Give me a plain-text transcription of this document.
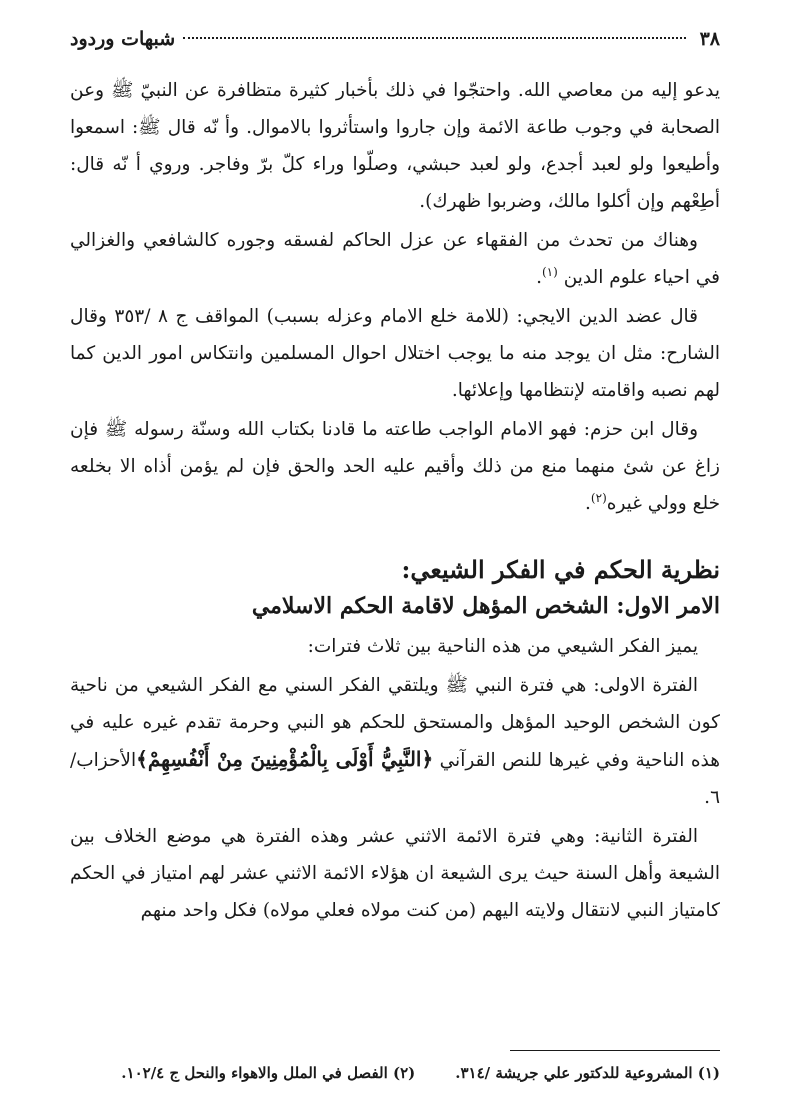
٣٨
شبهات وردود

يدعو إليه من معاصي الله. واحتجّوا في ذلك بأخبار كثيرة متظافرة عن النبيّ ﷺ وعن الصحابة في وجوب طاعة الائمة وإن جاروا واستأثروا بالاموال. وأ نّه قال ﷺ: اسمعوا وأطيعوا ولو لعبد أجدع، ولو لعبد حبشي، وصلّوا وراء كلّ برّ وفاجر. وروي أ نّه قال: أطِعْهم وإن أكلوا مالك، وضربوا ظهرك).

وهناك من تحدث من الفقهاء عن عزل الحاكم لفسقه وجوره كالشافعي والغزالي في احياء علوم الدين $^{(١)}$.

قال عضد الدين الايجي: (للامة خلع الامام وعزله بسبب) المواقف ج ٨ /٣٥٣ وقال الشارح: مثل ان يوجد منه ما يوجب اختلال احوال المسلمين وانتكاس امور الدين كما لهم نصبه واقامته لإنتظامها وإعلائها.

وقال ابن حزم: فهو الامام الواجب طاعته ما قادنا بكتاب الله وسنّة رسوله ﷺ فإن زاغ عن شئ منهما منع من ذلك وأقيم عليه الحد والحق فإن لم يؤمن أذاه الا بخلعه خلع وولي غيره$^{(٢)}$.

نظرية الحكم في الفكر الشيعي:
الامر الاول: الشخص المؤهل لاقامة الحكم الاسلامي

يميز الفكر الشيعي من هذه الناحية بين ثلاث فترات:

الفترة الاولى: هي فترة النبي ﷺ ويلتقي الفكر السني مع الفكر الشيعي من ناحية كون الشخص الوحيد المؤهل والمستحق للحكم هو النبي وحرمة تقدم غيره عليه في هذه الناحية وفي غيرها للنص القرآني ﴿النَّبِيُّ أَوْلَى بِالْمُؤْمِنِينَ مِنْ أَنْفُسِهِمْ﴾الأحزاب/٦.

الفترة الثانية: وهي فترة الائمة الاثني عشر وهذه الفترة هي موضع الخلاف بين الشيعة وأهل السنة حيث يرى الشيعة ان هؤلاء الائمة الاثني عشر لهم امتياز في الحكم كامتياز النبي لانتقال ولايته اليهم (من كنت مولاه فعلي مولاه) فكل واحد منهم

(١) المشروعية للدكتور علي جريشة /٣١٤.
(٢) الفصل في الملل والاهواء والنحل ج ١٠٢/٤.
